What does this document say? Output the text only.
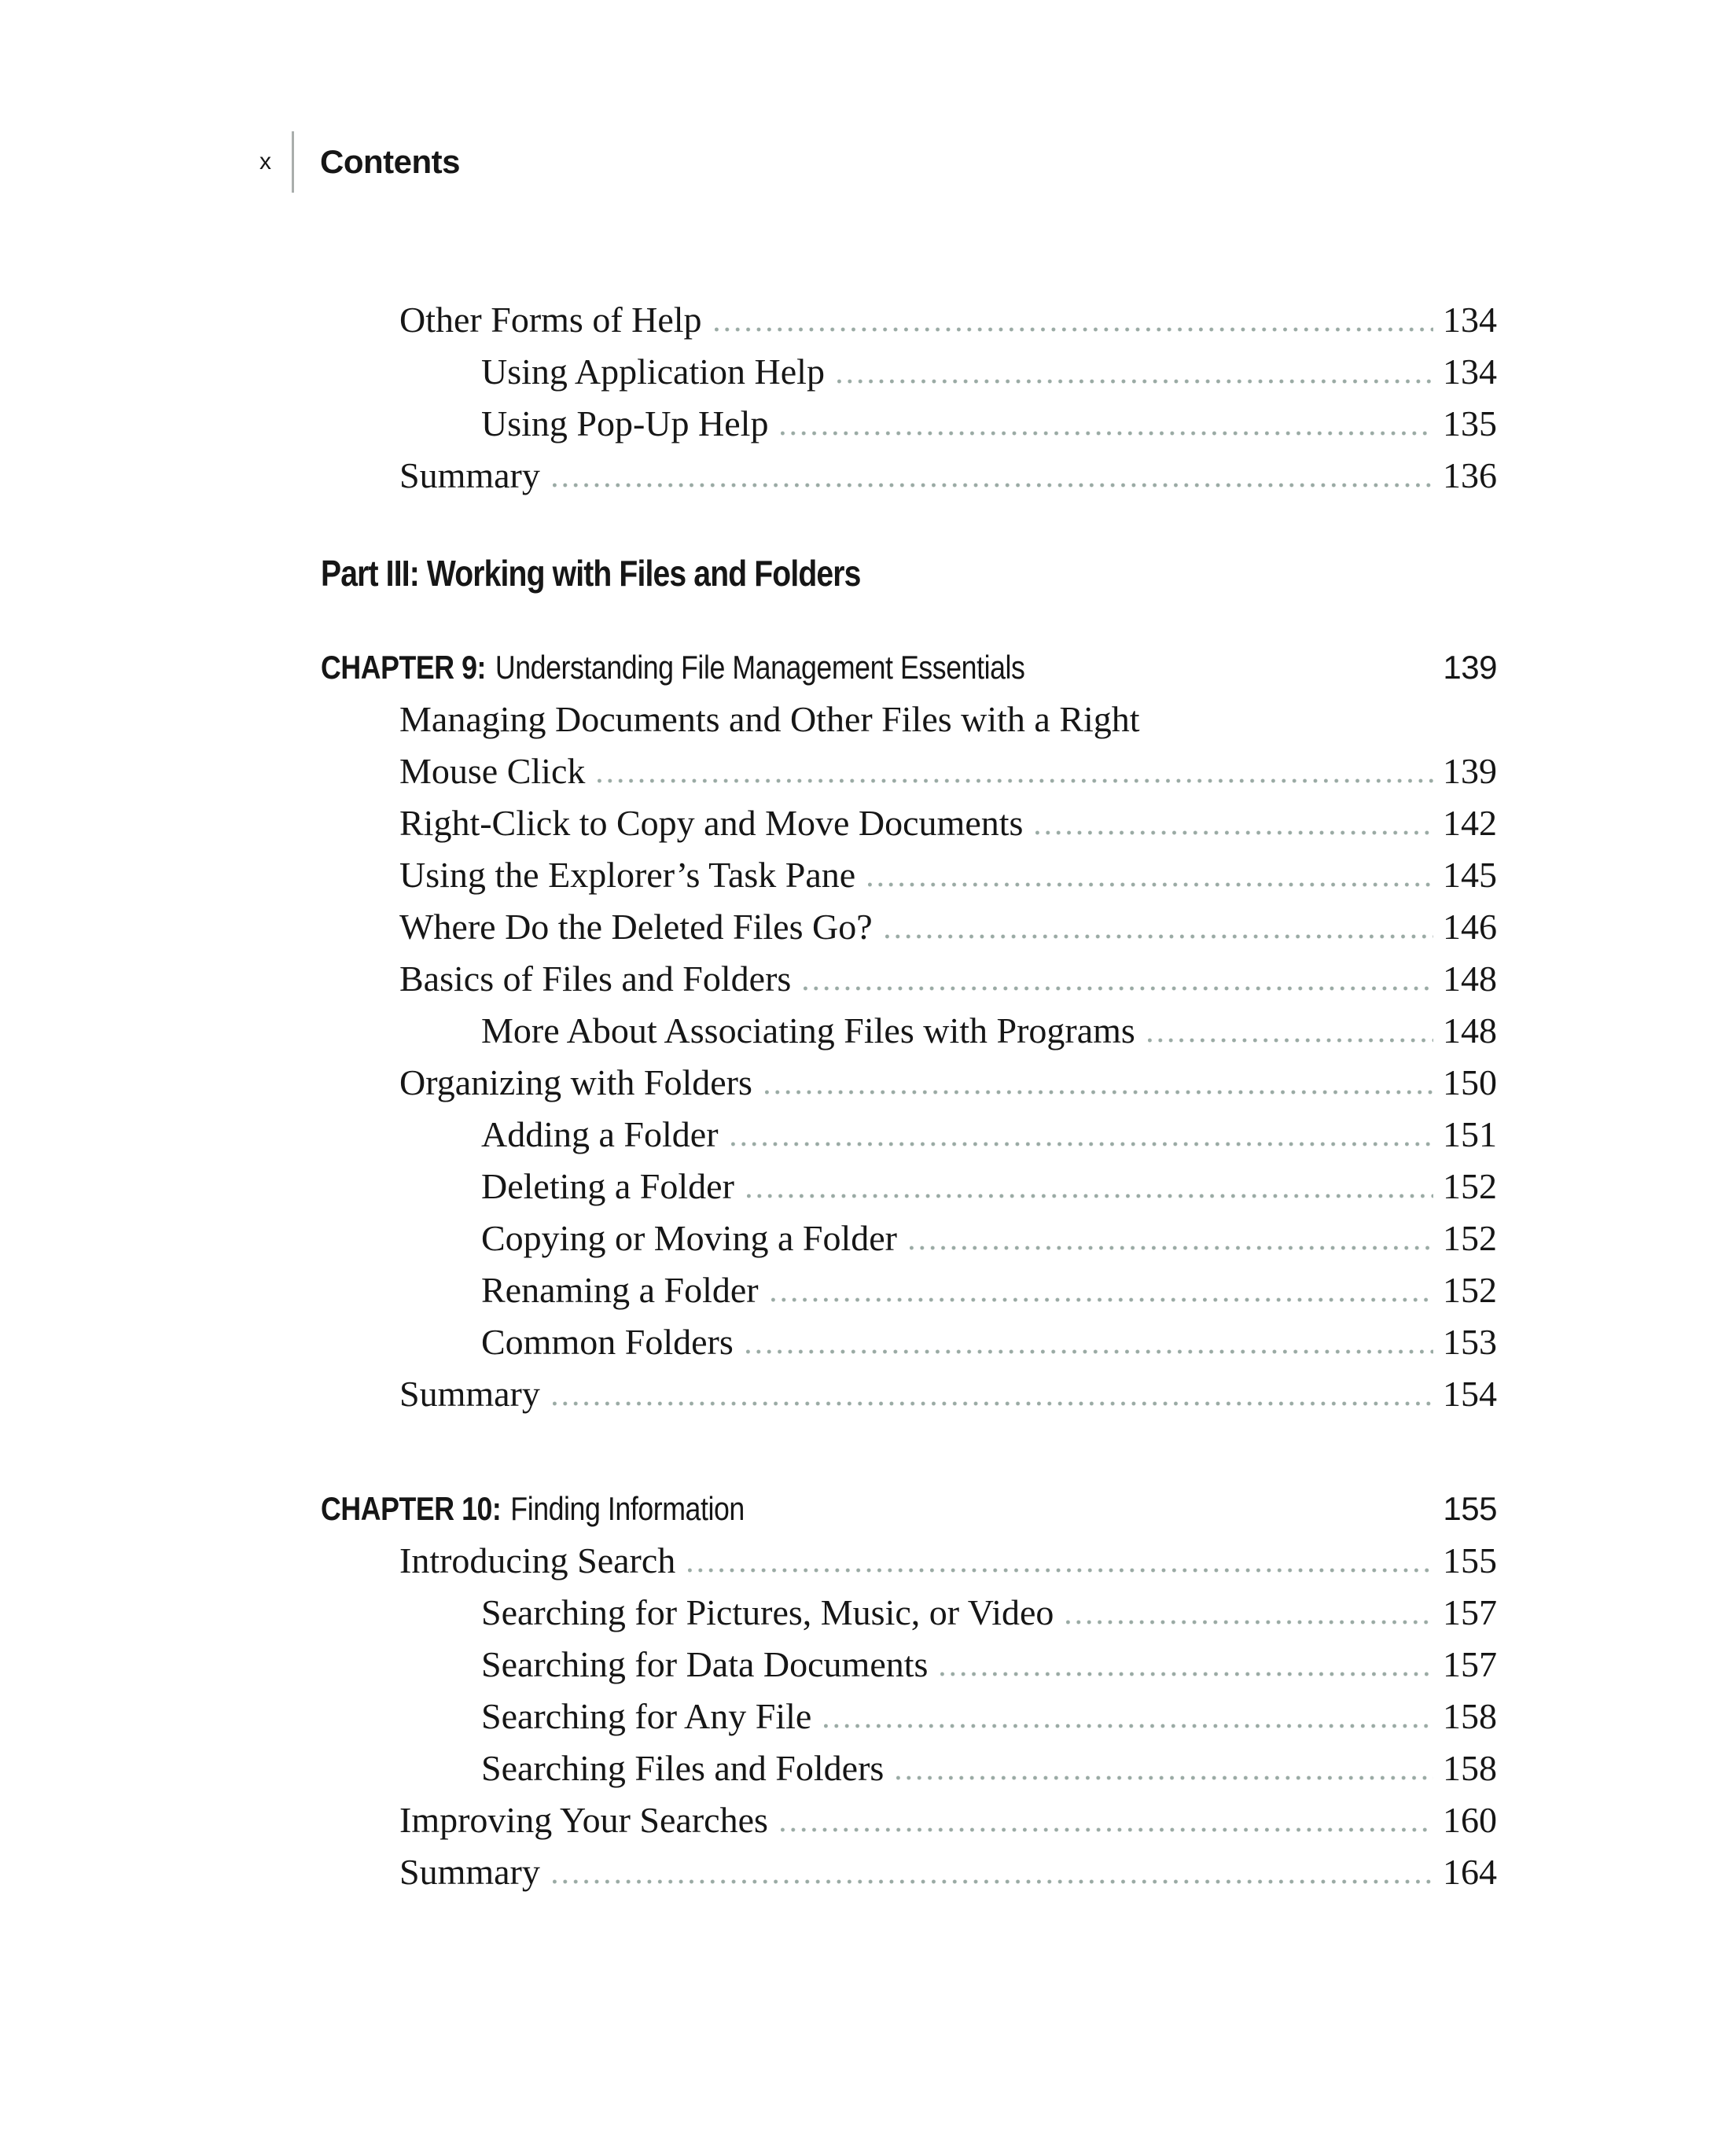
x Contents
Other Forms of Help	134
Using Application Help	134
Using Pop-Up Help	135
Summary	136
Part III: Working with Files and Folders
CHAPTER 9: Understanding File Management Essentials	139
Managing Documents and Other Files with a Right
Mouse Click	139
Right-Click to Copy and Move Documents	142
Using the Explorer’s Task Pane	145
Where Do the Deleted Files Go?	146
Basics of Files and Folders	148
More About Associating Files with Programs	148
Organizing with Folders	150
Adding a Folder	151
Deleting a Folder	152
Copying or Moving a Folder	152
Renaming a Folder	152
Common Folders	153
Summary	154
CHAPTER 10: Finding Information	155
Introducing Search	155
Searching for Pictures, Music, or Video	157
Searching for Data Documents	157
Searching for Any File	158
Searching Files and Folders	158
Improving Your Searches	160
Summary	164
